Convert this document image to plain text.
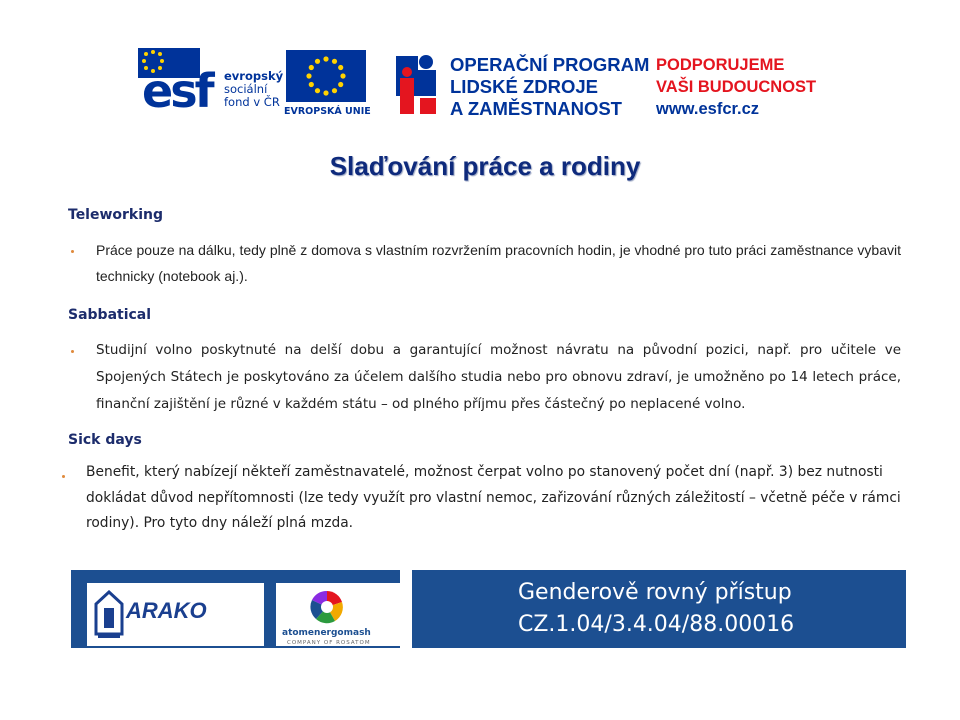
esf evropský
sociální
fond v ČR
EVROPSKÁ UNIE
OPERAČNÍ PROGRAM
LIDSKÉ ZDROJE
A ZAMĚSTNANOST
PODPORUJEME
VAŠI BUDOUCNOST
www.esfcr.cz
Slaďování práce a rodiny
Teleworking
Práce pouze na dálku, tedy plně z domova s vlastním rozvržením pracovních hodin, je vhodné pro tuto práci zaměstnance vybavit technicky (notebook aj.).
Sabbatical
Studijní volno poskytnuté na delší dobu a garantující možnost návratu na původní pozici, např. pro učitele ve Spojených Státech je poskytováno za účelem dalšího studia nebo pro obnovu zdraví, je umožněno po 14 letech práce, finanční zajištění je různé v každém státu – od plného příjmu přes částečný po neplacené volno.
Sick days
Benefit, který nabízejí někteří zaměstnavatelé, možnost čerpat volno po stanovený počet dní (např. 3) bez nutnosti dokládat důvod nepřítomnosti (lze tedy využít pro vlastní nemoc, zařizování různých záležitostí – včetně péče v rámci rodiny). Pro tyto dny náleží plná mzda.
ARAKO
atomenergomash
COMPANY OF ROSATOM
Genderově rovný přístup
CZ.1.04/3.4.04/88.00016
